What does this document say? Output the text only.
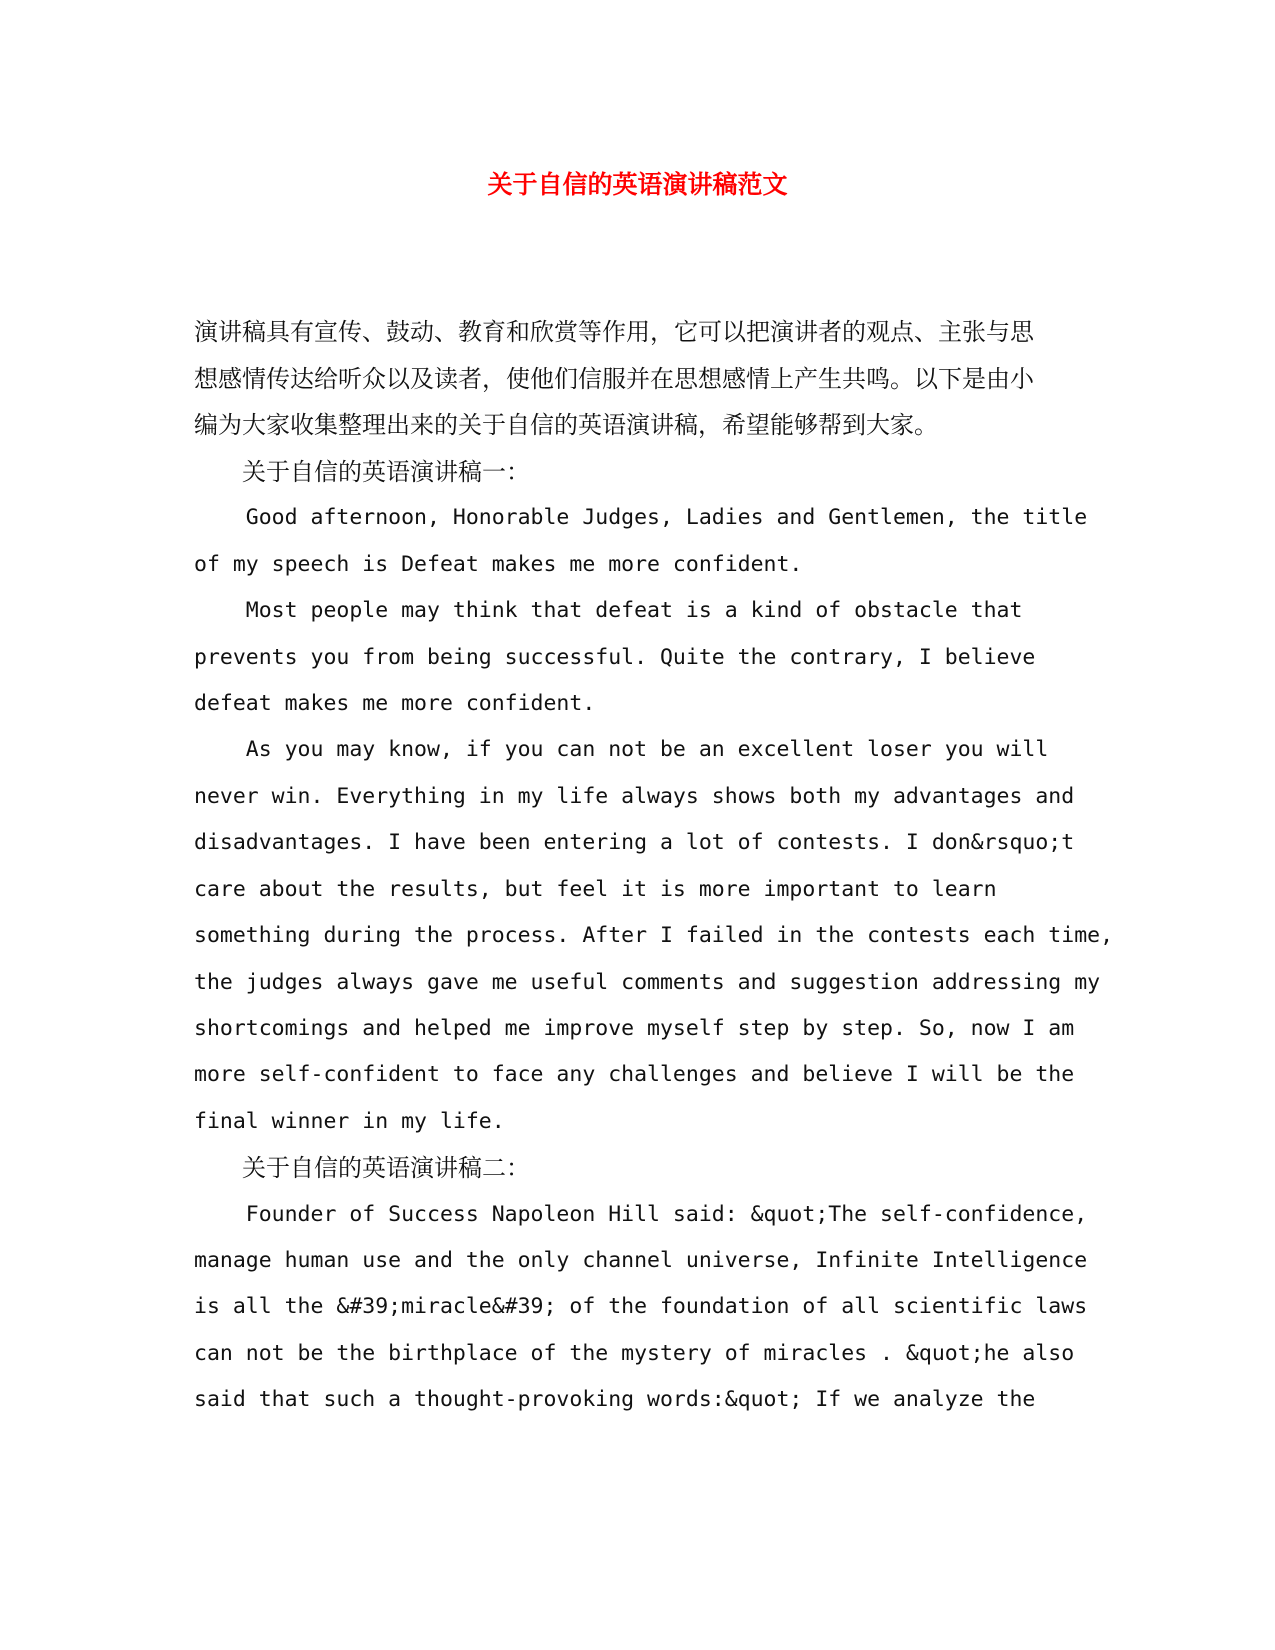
关于自信的英语演讲稿范文
演讲稿具有宣传、鼓动、教育和欣赏等作用，它可以把演讲者的观点、主张与思
想感情传达给听众以及读者，使他们信服并在思想感情上产生共鸣。以下是由小
编为大家收集整理出来的关于自信的英语演讲稿，希望能够帮到大家。
　　关于自信的英语演讲稿一：
Good afternoon, Honorable Judges, Ladies and Gentlemen, the title
of my speech is Defeat makes me more confident.
Most people may think that defeat is a kind of obstacle that
prevents you from being successful. Quite the contrary, I believe
defeat makes me more confident.
As you may know, if you can not be an excellent loser you will
never win. Everything in my life always shows both my advantages and
disadvantages. I have been entering a lot of contests. I don&rsquo;t
care about the results, but feel it is more important to learn
something during the process. After I failed in the contests each time,
the judges always gave me useful comments and suggestion addressing my
shortcomings and helped me improve myself step by step. So, now I am
more self-confident to face any challenges and believe I will be the
final winner in my life.
　　关于自信的英语演讲稿二：
Founder of Success Napoleon Hill said: &quot;The self-confidence,
manage human use and the only channel universe, Infinite Intelligence
is all the &#39;miracle&#39; of the foundation of all scientific laws
can not be the birthplace of the mystery of miracles . &quot;he also
said that such a thought-provoking words:&quot; If we analyze the
